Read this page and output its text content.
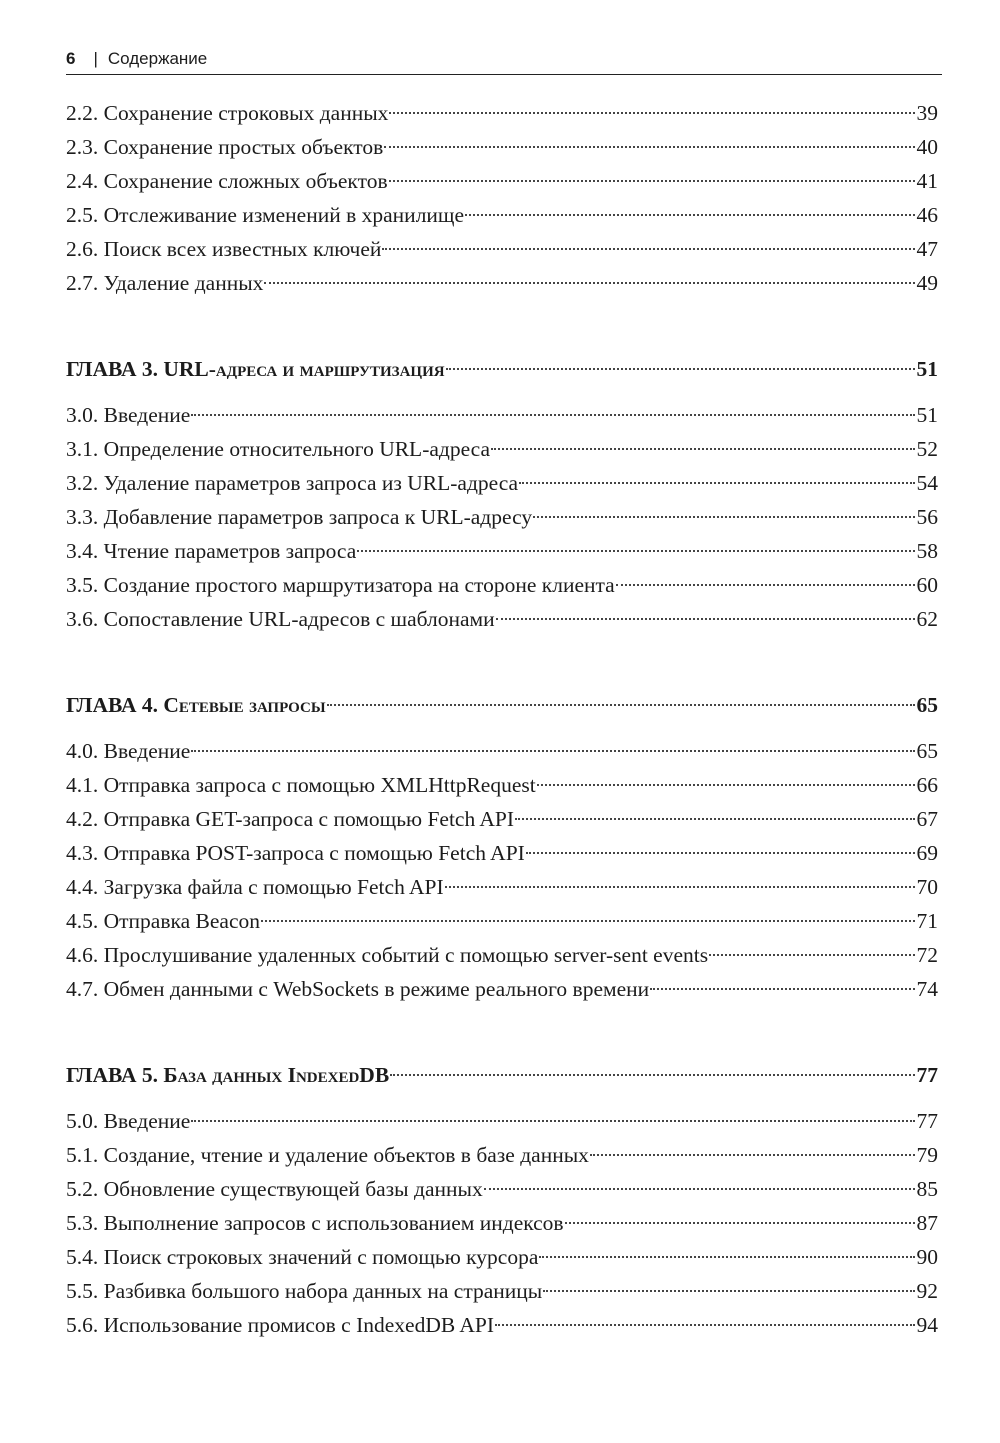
6 | Содержание
2.2. Сохранение строковых данных	39
2.3. Сохранение простых объектов	40
2.4. Сохранение сложных объектов	41
2.5. Отслеживание изменений в хранилище	46
2.6. Поиск всех известных ключей	47
2.7. Удаление данных	49
ГЛАВА 3. URL-адреса и маршрутизация	51
3.0. Введение	51
3.1. Определение относительного URL-адреса	52
3.2. Удаление параметров запроса из URL-адреса	54
3.3. Добавление параметров запроса к URL-адресу	56
3.4. Чтение параметров запроса	58
3.5. Создание простого маршрутизатора на стороне клиента	60
3.6. Сопоставление URL-адресов с шаблонами	62
ГЛАВА 4. Сетевые запросы	65
4.0. Введение	65
4.1. Отправка запроса с помощью XMLHttpRequest	66
4.2. Отправка GET-запроса с помощью Fetch API	67
4.3. Отправка POST-запроса с помощью Fetch API	69
4.4. Загрузка файла с помощью Fetch API	70
4.5. Отправка Beacon	71
4.6. Прослушивание удаленных событий с помощью server-sent events	72
4.7. Обмен данными с WebSockets в режиме реального времени	74
ГЛАВА 5. База данных IndexedDB	77
5.0. Введение	77
5.1. Создание, чтение и удаление объектов в базе данных	79
5.2. Обновление существующей базы данных	85
5.3. Выполнение запросов с использованием индексов	87
5.4. Поиск строковых значений с помощью курсора	90
5.5. Разбивка большого набора данных на страницы	92
5.6. Использование промисов с IndexedDB API	94
